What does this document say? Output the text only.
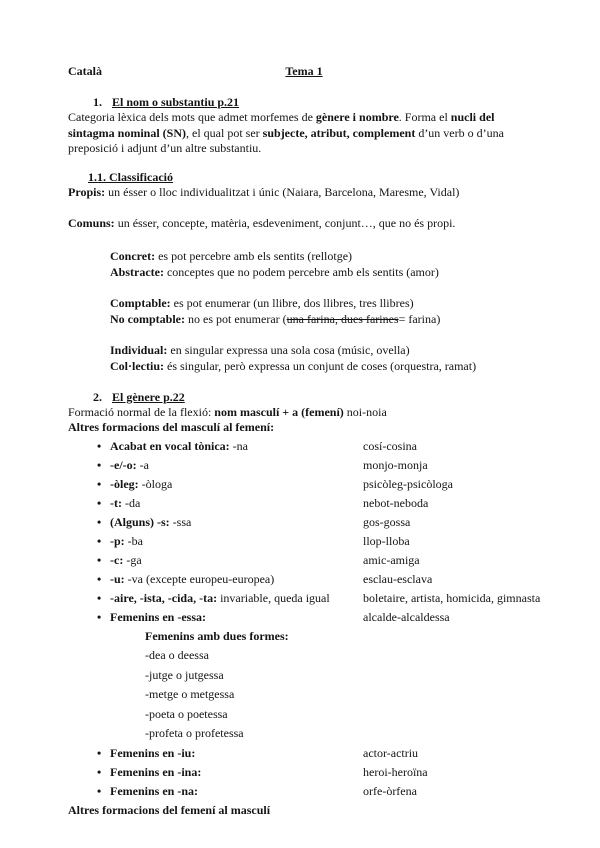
Català	Tema 1
1. El nom o substantiu p.21

Categoria lèxica dels mots que admet morfemes de gènere i nombre. Forma el nucli del sintagma nominal (SN), el qual pot ser subjecte, atribut, complement d’un verb o d’una preposició i adjunt d’un altre substantiu.

1.1. Classificació
Propis: un ésser o lloc individualitzat i únic (Naiara, Barcelona, Maresme, Vidal)
Comuns: un ésser, concepte, matèria, esdeveniment, conjunt…, que no és propi.
Concret: es pot percebre amb els sentits (rellotge)
Abstracte: conceptes que no podem percebre amb els sentits (amor)
Comptable: es pot enumerar (un llibre, dos llibres, tres llibres)
No comptable: no es pot enumerar (una farina, dues farines= farina)
Individual: en singular expressa una sola cosa (músic, ovella)
Col·lectiu: és singular, però expressa un conjunt de coses (orquestra, ramat)
2. El gènere p.22

Formació normal de la flexió: nom masculí + a (femení) noi-noia

Altres formacions del masculí al femení:
• Acabat en vocal tònica: -na	cosí-cosina
• -e/-o: -a	monjo-monja
• -òleg: -òloga	psicòleg-psicòloga
• -t: -da	nebot-neboda
• (Alguns) -s: -ssa	gos-gossa
• -p: -ba	llop-lloba
• -c: -ga	amic-amiga
• -u: -va (excepte europeu-europea)	esclau-esclava
• -aire, -ista, -cida, -ta: invariable, queda igual	boletaire, artista, homicida, gimnasta
• Femenins en -essa:	alcalde-alcaldessa
Femenins amb dues formes:
-dea o deessa
-jutge o jutgessa
-metge o metgessa
-poeta o poetessa
-profeta o profetessa
• Femenins en -iu:	actor-actriu
• Femenins en -ina:	heroi-heroïna
• Femenins en -na:	orfe-òrfena
Altres formacions del femení al masculí
